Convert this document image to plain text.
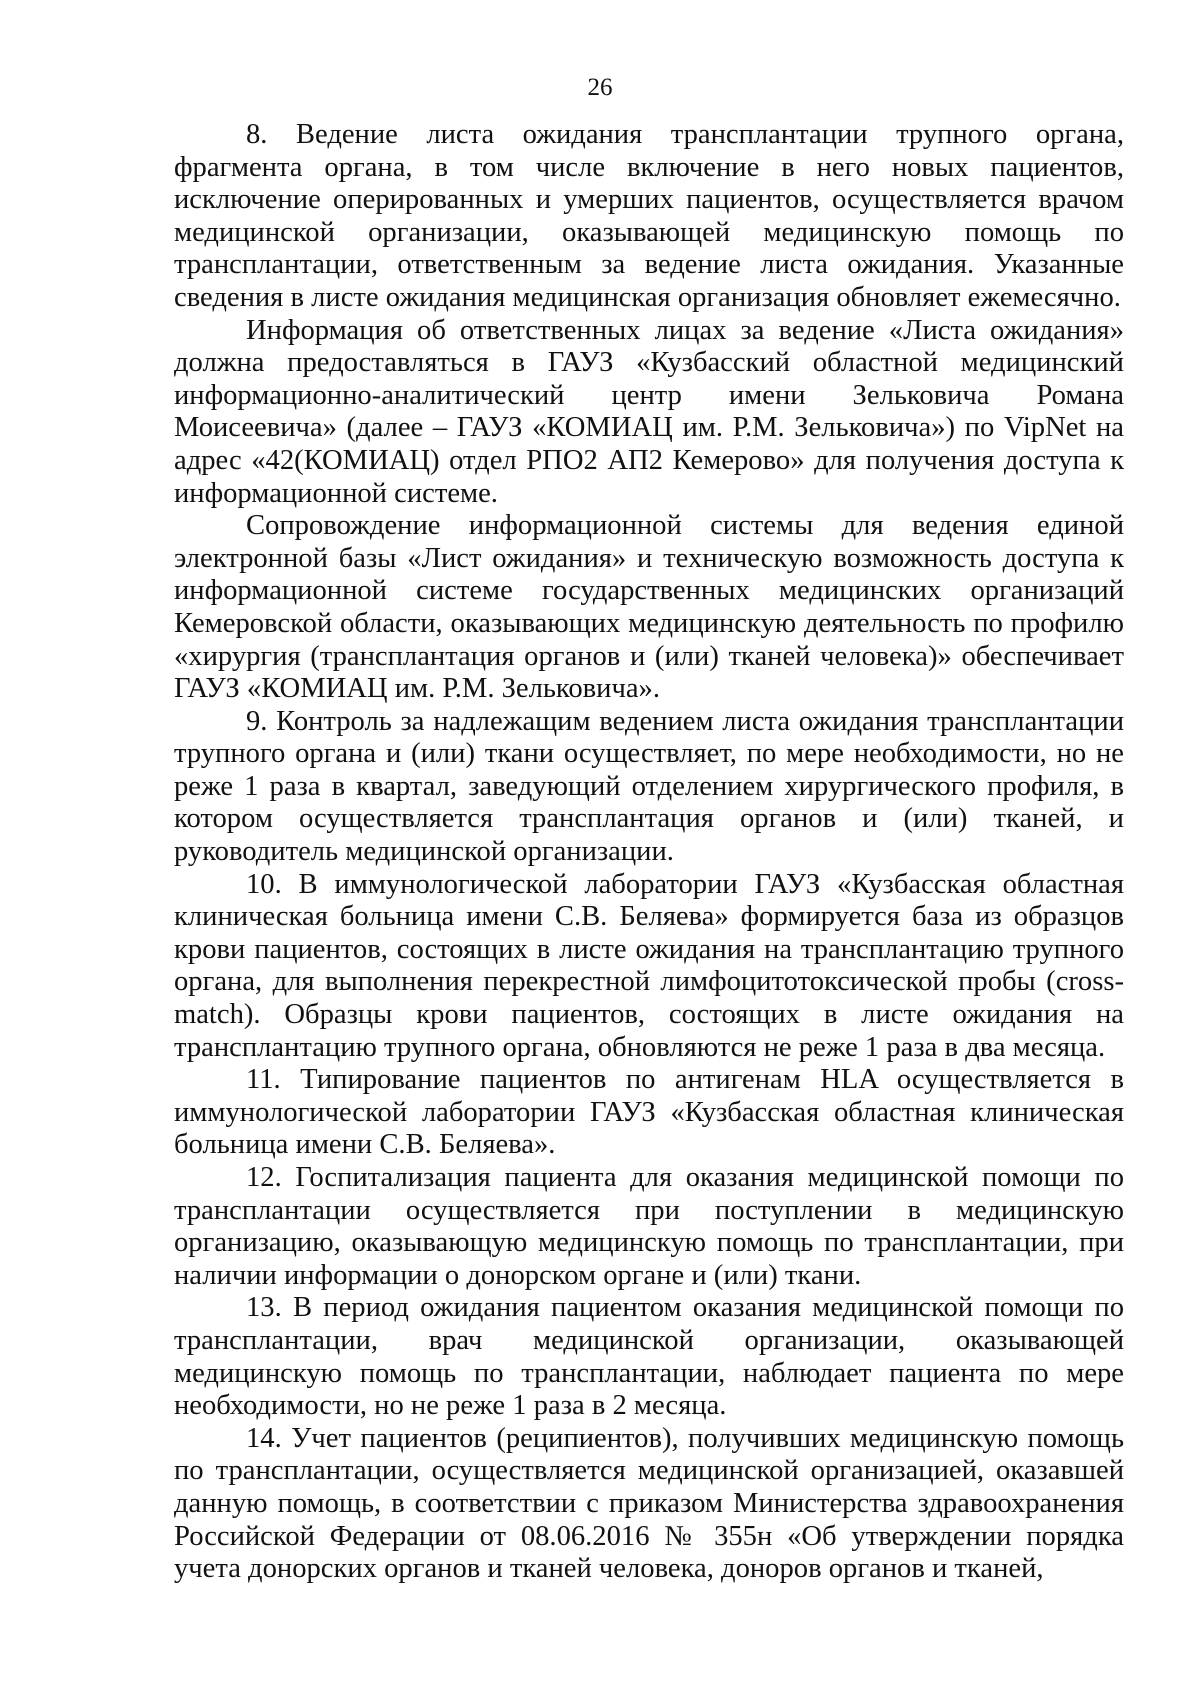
26

8. Ведение листа ожидания трансплантации трупного органа, фрагмента органа, в том числе включение в него новых пациентов, исключение оперированных и умерших пациентов, осуществляется врачом медицинской организации, оказывающей медицинскую помощь по трансплантации, ответственным за ведение листа ожидания. Указанные сведения в листе ожидания медицинская организация обновляет ежемесячно.

Информация об ответственных лицах за ведение «Листа ожидания» должна предоставляться в ГАУЗ «Кузбасский областной медицинский информационно-аналитический центр имени Зельковича Романа Моисеевича» (далее – ГАУЗ «КОМИАЦ им. Р.М. Зельковича») по VipNet на адрес «42(КОМИАЦ) отдел РПО2 АП2 Кемерово» для получения доступа к информационной системе.

Сопровождение информационной системы для ведения единой электронной базы «Лист ожидания» и техническую возможность доступа к информационной системе государственных медицинских организаций Кемеровской области, оказывающих медицинскую деятельность по профилю «хирургия (трансплантация органов и (или) тканей человека)» обеспечивает ГАУЗ «КОМИАЦ им. Р.М. Зельковича».

9. Контроль за надлежащим ведением листа ожидания трансплантации трупного органа и (или) ткани осуществляет, по мере необходимости, но не реже 1 раза в квартал, заведующий отделением хирургического профиля, в котором осуществляется трансплантация органов и (или) тканей, и руководитель медицинской организации.

10. В иммунологической лаборатории ГАУЗ «Кузбасская областная клиническая больница имени С.В. Беляева» формируется база из образцов крови пациентов, состоящих в листе ожидания на трансплантацию трупного органа, для выполнения перекрестной лимфоцитотоксической пробы (cross-match). Образцы крови пациентов, состоящих в листе ожидания на трансплантацию трупного органа, обновляются не реже 1 раза в два месяца.

11. Типирование пациентов по антигенам HLA осуществляется в иммунологической лаборатории ГАУЗ «Кузбасская областная клиническая больница имени С.В. Беляева».

12. Госпитализация пациента для оказания медицинской помощи по трансплантации осуществляется при поступлении в медицинскую организацию, оказывающую медицинскую помощь по трансплантации, при наличии информации о донорском органе и (или) ткани.

13. В период ожидания пациентом оказания медицинской помощи по трансплантации, врач медицинской организации, оказывающей медицинскую помощь по трансплантации, наблюдает пациента по мере необходимости, но не реже 1 раза в 2 месяца.

14. Учет пациентов (реципиентов), получивших медицинскую помощь по трансплантации, осуществляется медицинской организацией, оказавшей данную помощь, в соответствии с приказом Министерства здравоохранения Российской Федерации от 08.06.2016 № 355н «Об утверждении порядка учета донорских органов и тканей человека, доноров органов и тканей,
